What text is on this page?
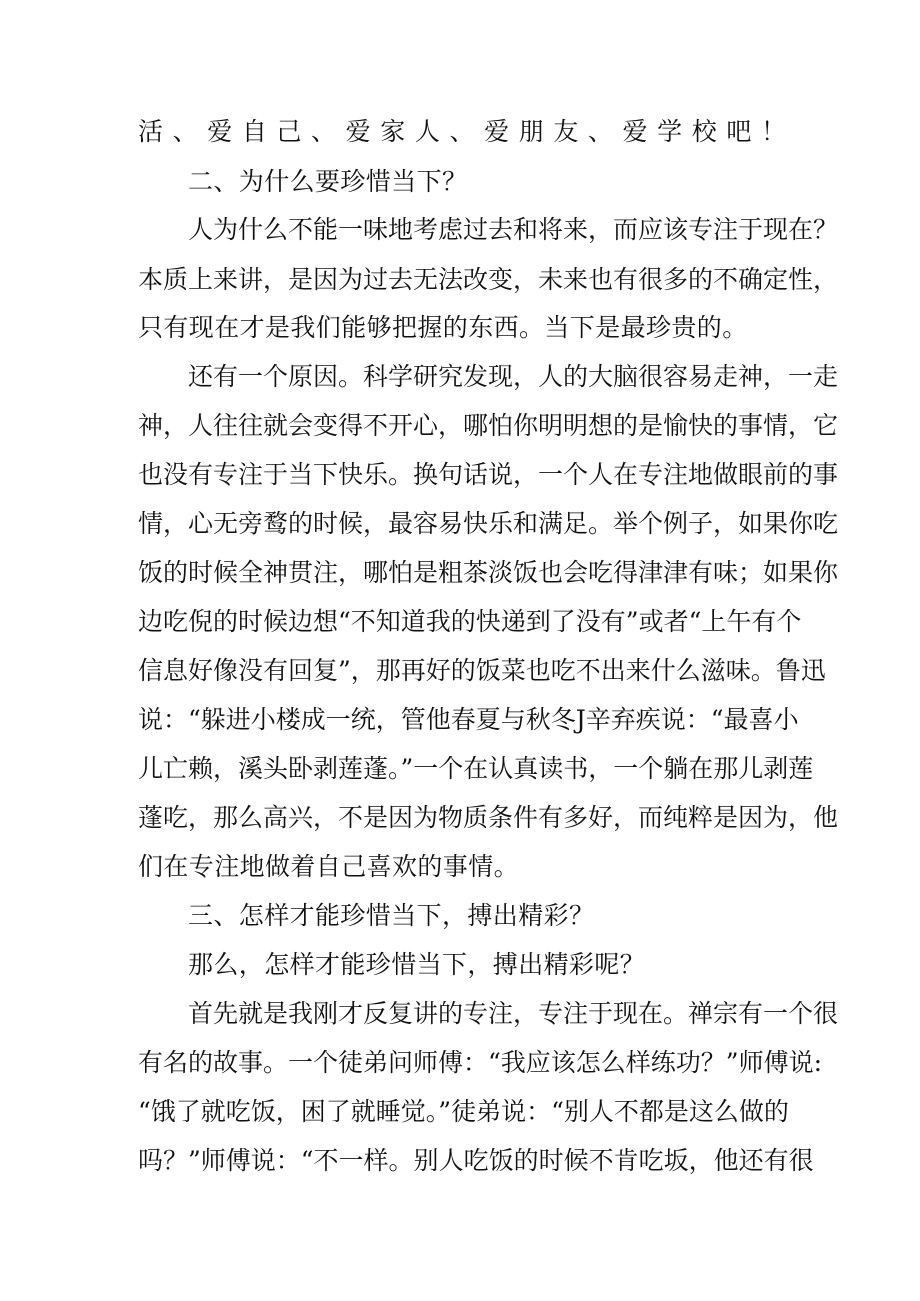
活、爱自己、爱家人、爱朋友、爱学校吧！
二、为什么要珍惜当下？
人为什么不能一味地考虑过去和将来，而应该专注于现在？
本质上来讲，是因为过去无法改变，未来也有很多的不确定性，
只有现在才是我们能够把握的东西。当下是最珍贵的。
还有一个原因。科学研究发现，人的大脑很容易走神，一走
神，人往往就会变得不开心，哪怕你明明想的是愉快的事情，它
也没有专注于当下快乐。换句话说，一个人在专注地做眼前的事
情，心无旁鹜的时候，最容易快乐和满足。举个例子，如果你吃
饭的时候全神贯注，哪怕是粗茶淡饭也会吃得津津有味；如果你
边吃倪的时候边想“不知道我的快递到了没有”或者“上午有个
信息好像没有回复”，那再好的饭菜也吃不出来什么滋味。鲁迅
说：“躲进小楼成一统，管他春夏与秋冬J辛弃疾说：“最喜小
儿亡赖，溪头卧剥莲蓬。”一个在认真读书，一个躺在那儿剥莲
蓬吃，那么高兴，不是因为物质条件有多好，而纯粹是因为，他
们在专注地做着自己喜欢的事情。
三、怎样才能珍惜当下，搏出精彩？
那么，怎样才能珍惜当下，搏出精彩呢？
首先就是我刚才反复讲的专注，专注于现在。禅宗有一个很
有名的故事。一个徒弟问师傅：“我应该怎么样练功？”师傅说:
“饿了就吃饭，困了就睡觉。”徒弟说：“别人不都是这么做的
吗？”师傅说：“不一样。别人吃饭的时候不肯吃坂，他还有很
